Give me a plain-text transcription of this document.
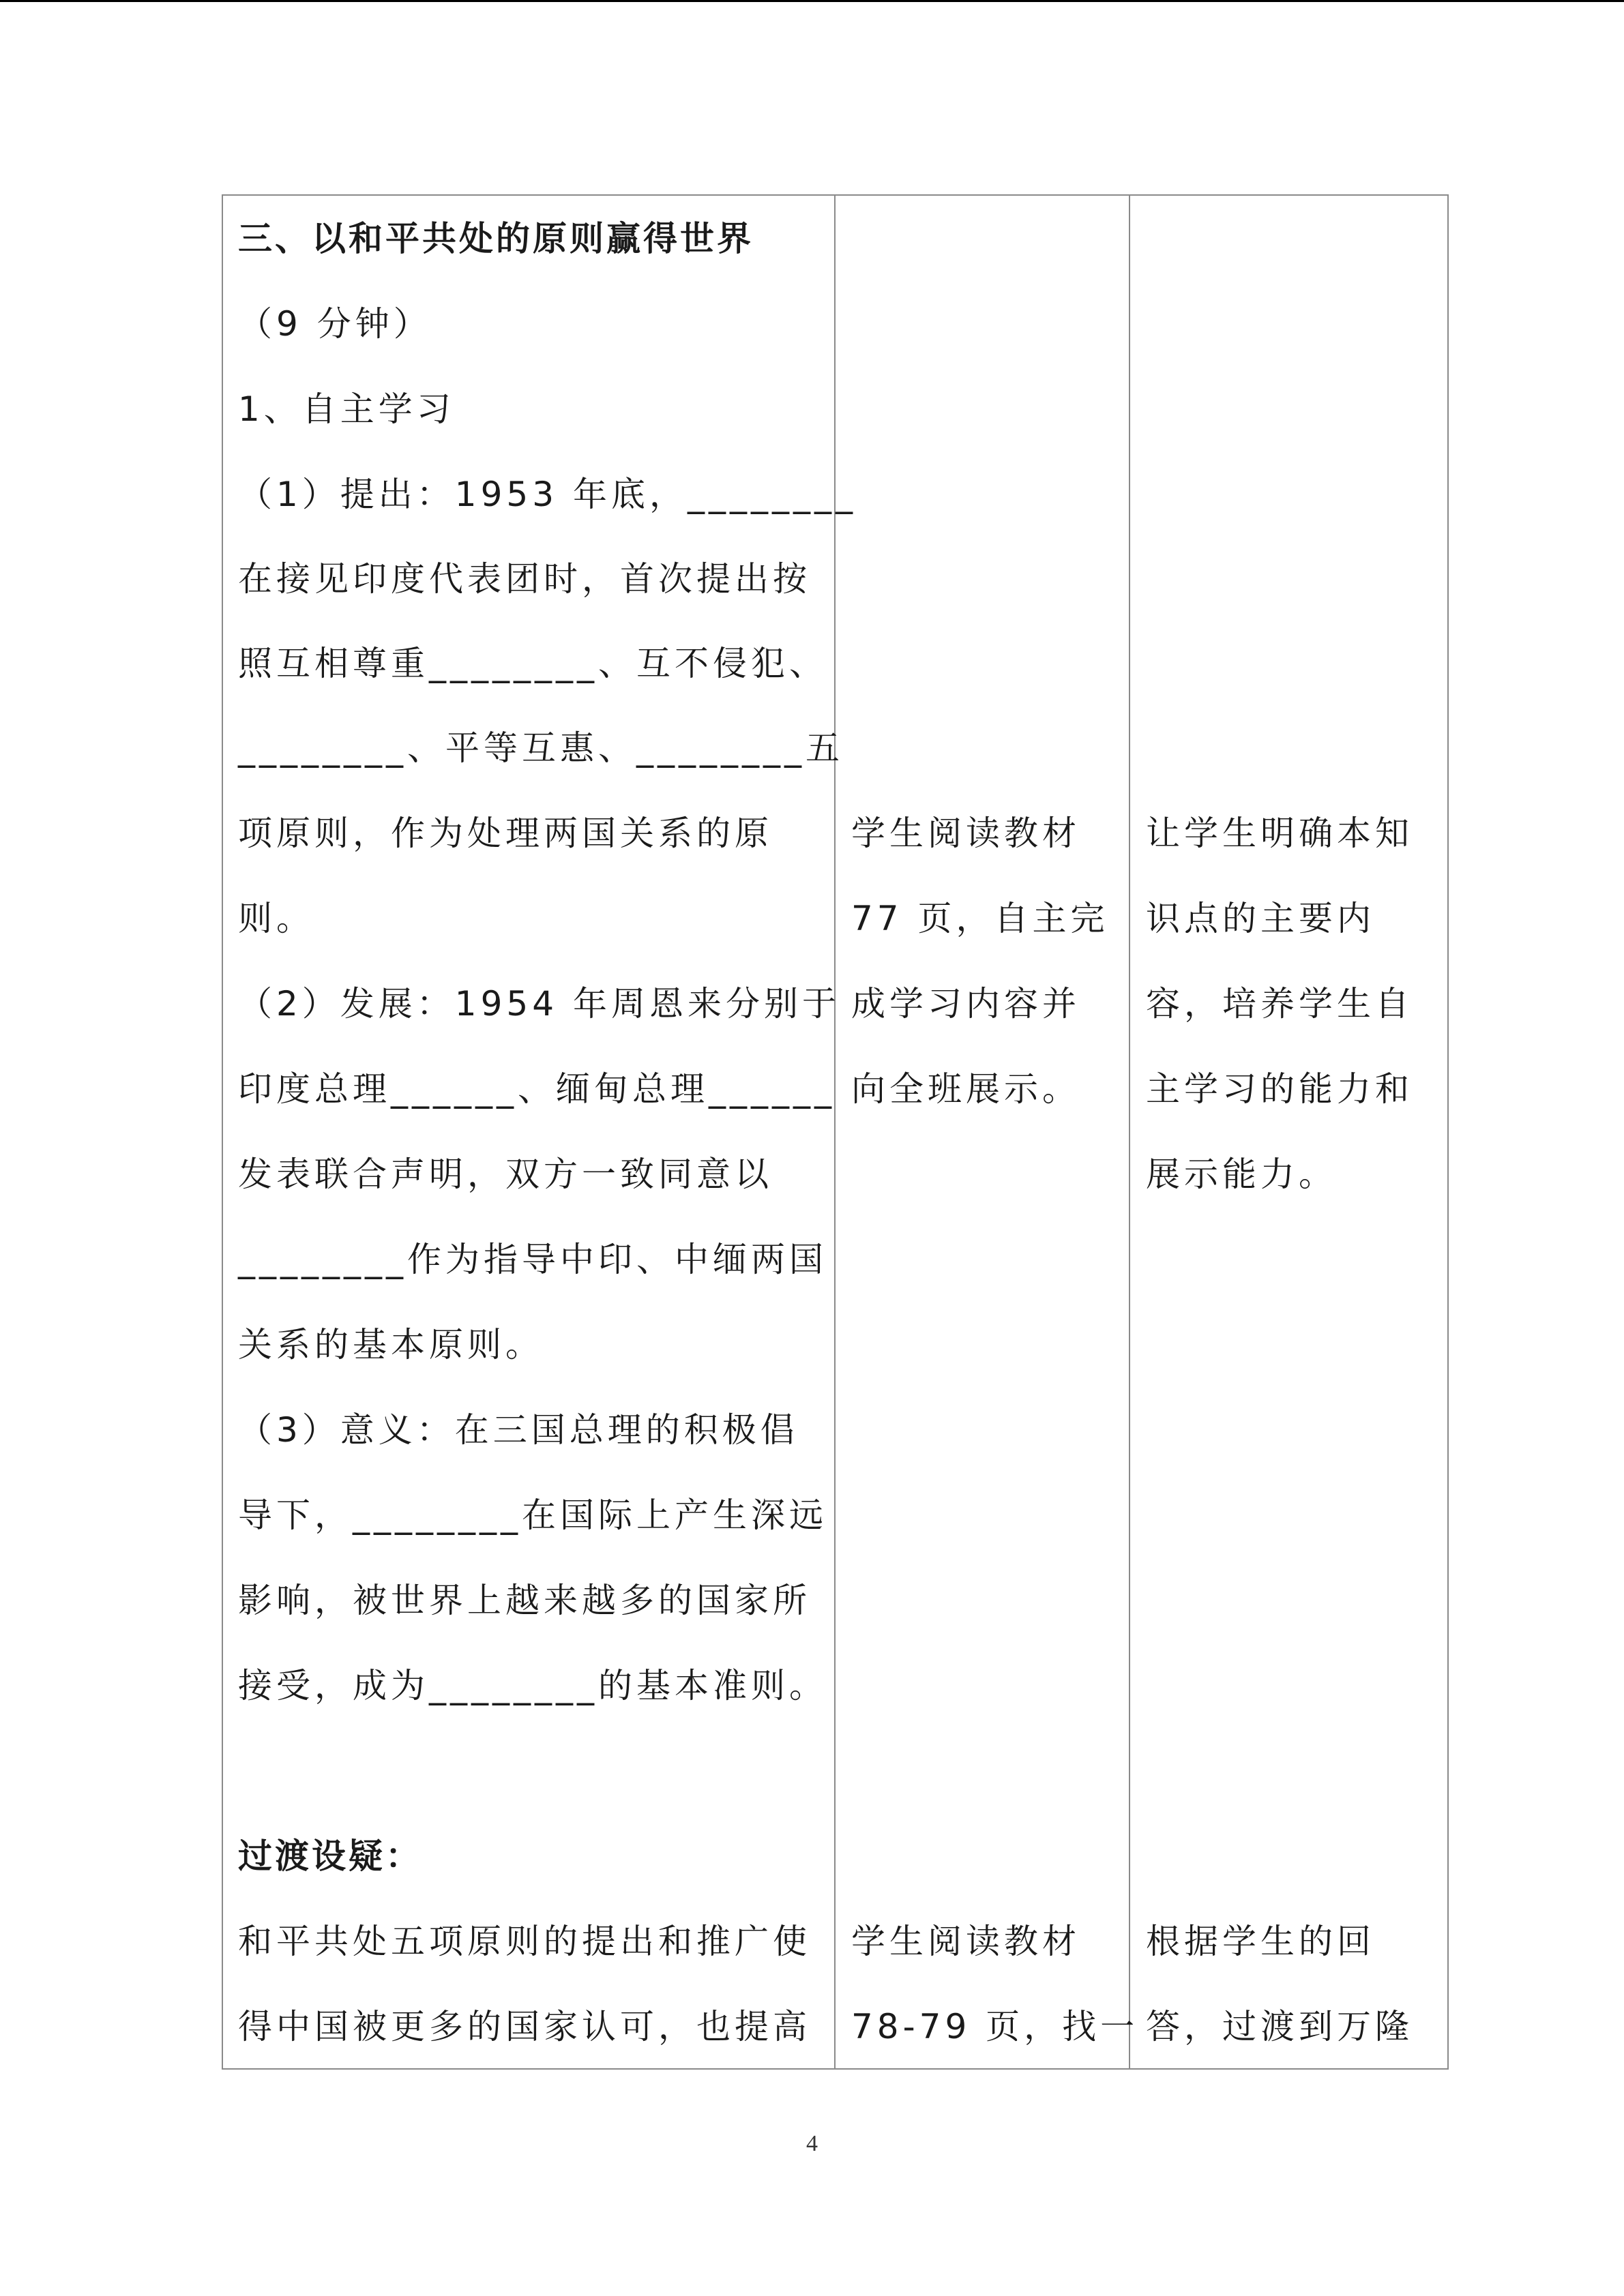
三、以和平共处的原则赢得世界
（9 分钟）
1、自主学习
（1）提出：1953 年底，________
在接见印度代表团时，首次提出按
照互相尊重________、互不侵犯、
________、平等互惠、________五
项原则，作为处理两国关系的原
则。
（2）发展：1954 年周恩来分别于
印度总理______、缅甸总理______
发表联合声明，双方一致同意以
________作为指导中印、中缅两国
关系的基本原则。
（3）意义：在三国总理的积极倡
导下，________在国际上产生深远
影响，被世界上越来越多的国家所
接受，成为________的基本准则。
过渡设疑：
和平共处五项原则的提出和推广使
得中国被更多的国家认可，也提高
学生阅读教材
77 页，自主完
成学习内容并
向全班展示。
学生阅读教材
78-79 页，找一
让学生明确本知
识点的主要内
容，培养学生自
主学习的能力和
展示能力。
根据学生的回
答，过渡到万隆
4
